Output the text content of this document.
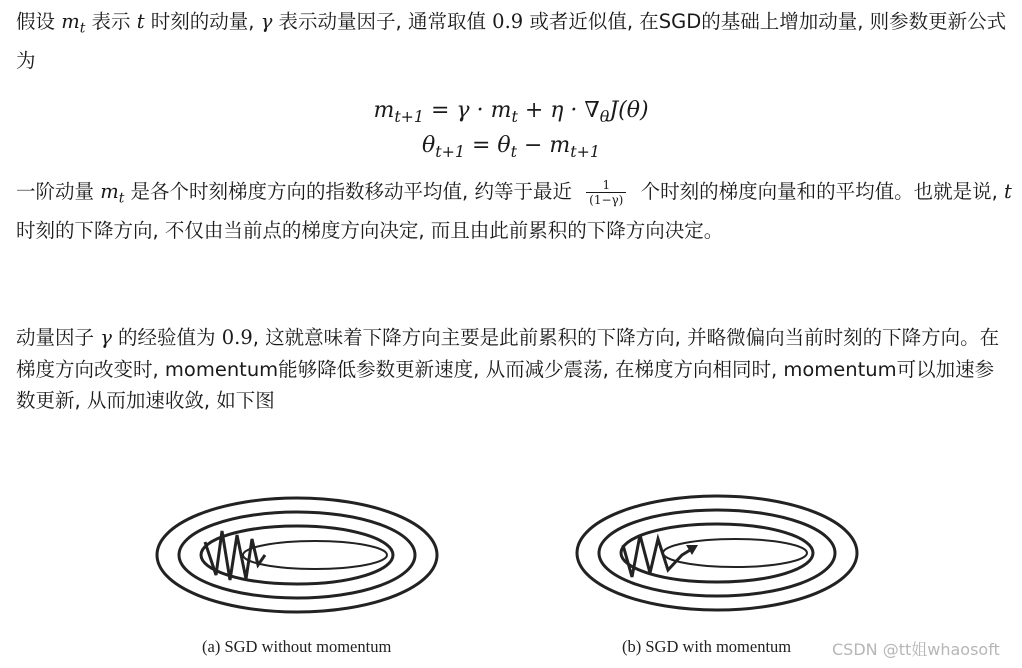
假设 $m_t$ 表示 t 时刻的动量, γ 表示动量因子, 通常取值 0.9 或者近似值, 在SGD的基础上增加动量, 则参数更新公式为
$m_{t+1} = \gamma \cdot m_t + \eta \cdot \nabla_\theta J(\theta)$
$\theta_{t+1} = \theta_t - m_{t+1}$
一阶动量 $m_t$ 是各个时刻梯度方向的指数移动平均值, 约等于最近 $\frac{1}{(1-\gamma)}$ 个时刻的梯度向量和的平均值。也就是说, t 时刻的下降方向, 不仅由当前点的梯度方向决定, 而且由此前累积的下降方向决定。
动量因子 γ 的经验值为 0.9, 这就意味着下降方向主要是此前累积的下降方向, 并略微偏向当前时刻的下降方向。在梯度方向改变时, momentum能够降低参数更新速度, 从而减少震荡, 在梯度方向相同时, momentum可以加速参数更新, 从而加速收敛, 如下图
(a) SGD without momentum	(b) SGD with momentum	CSDN @tt姐whaosoft
